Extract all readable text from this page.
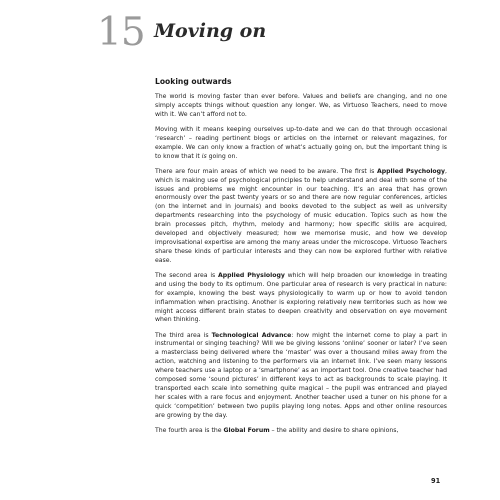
15 Moving on
Looking outwards

The world is moving faster than ever before. Values and beliefs are changing, and no one simply accepts things without question any longer. We, as Virtuoso Teachers, need to move with it. We can’t afford not to.

Moving with it means keeping ourselves up-to-date and we can do that through occasional ‘research’ – reading pertinent blogs or articles on the internet or relevant magazines, for example. We can only know a fraction of what’s actually going on, but the important thing is to know that it is going on.

There are four main areas of which we need to be aware. The first is Applied Psychology, which is making use of psychological principles to help understand and deal with some of the issues and problems we might encounter in our teaching. It’s an area that has grown enormously over the past twenty years or so and there are now regular conferences, articles (on the internet and in journals) and books devoted to the subject as well as university departments researching into the psychology of music education. Topics such as how the brain processes pitch, rhythm, melody and harmony; how specific skills are acquired, developed and objectively measured; how we memorise music, and how we develop improvisational expertise are among the many areas under the microscope. Virtuoso Teachers share these kinds of particular interests and they can now be explored further with relative ease.

The second area is Applied Physiology which will help broaden our knowledge in treating and using the body to its optimum. One particular area of research is very practical in nature: for example, knowing the best ways physiologically to warm up or how to avoid tendon inflammation when practising. Another is exploring relatively new territories such as how we might access different brain states to deepen creativity and observation on eye movement when thinking.

The third area is Technological Advance: how might the internet come to play a part in instrumental or singing teaching? Will we be giving lessons ‘online’ sooner or later? I’ve seen a masterclass being delivered where the ‘master’ was over a thousand miles away from the action, watching and listening to the performers via an internet link. I’ve seen many lessons where teachers use a laptop or a ‘smartphone’ as an important tool. One creative teacher had composed some ‘sound pictures’ in different keys to act as backgrounds to scale playing. It transported each scale into something quite magical – the pupil was entranced and played her scales with a rare focus and enjoyment. Another teacher used a tuner on his phone for a quick ‘competition’ between two pupils playing long notes. Apps and other online resources are growing by the day.

The fourth area is the Global Forum – the ability and desire to share opinions,

91
